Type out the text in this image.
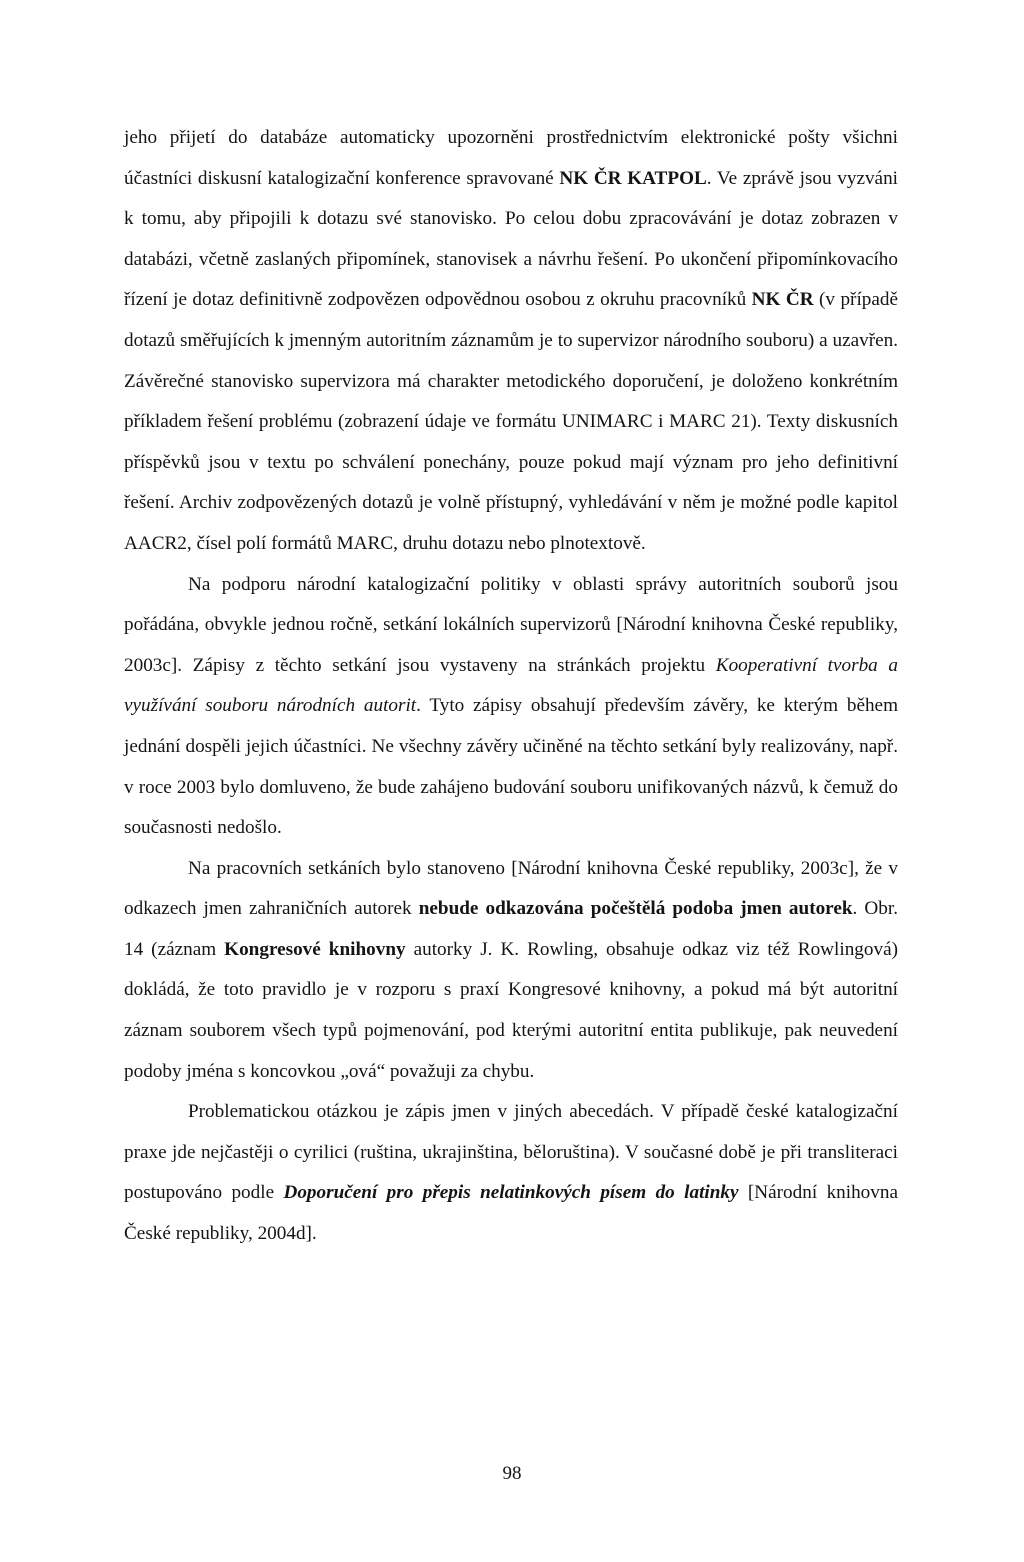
jeho přijetí do databáze automaticky upozorněni prostřednictvím elektronické pošty všichni účastníci diskusní katalogizační konference spravované NK ČR KATPOL. Ve zprávě jsou vyzváni k tomu, aby připojili k dotazu své stanovisko. Po celou dobu zpracovávání je dotaz zobrazen v databázi, včetně zaslaných připomínek, stanovisek a návrhu řešení. Po ukončení připomínkovacího řízení je dotaz definitivně zodpovězen odpovědnou osobou z okruhu pracovníků NK ČR (v případě dotazů směřujících k jmenným autoritním záznamům je to supervizor národního souboru) a uzavřen. Závěrečné stanovisko supervizora má charakter metodického doporučení, je doloženo konkrétním příkladem řešení problému (zobrazení údaje ve formátu UNIMARC i MARC 21). Texty diskusních příspěvků jsou v textu po schválení ponechány, pouze pokud mají význam pro jeho definitivní řešení. Archiv zodpovězených dotazů je volně přístupný, vyhledávání v něm je možné podle kapitol AACR2, čísel polí formátů MARC, druhu dotazu nebo plnotextově.

Na podporu národní katalogizační politiky v oblasti správy autoritních souborů jsou pořádána, obvykle jednou ročně, setkání lokálních supervizorů [Národní knihovna České republiky, 2003c]. Zápisy z těchto setkání jsou vystaveny na stránkách projektu Kooperativní tvorba a využívání souboru národních autorit. Tyto zápisy obsahují především závěry, ke kterým během jednání dospěli jejich účastníci. Ne všechny závěry učiněné na těchto setkání byly realizovány, např. v roce 2003 bylo domluveno, že bude zahájeno budování souboru unifikovaných názvů, k čemuž do současnosti nedošlo.

Na pracovních setkáních bylo stanoveno [Národní knihovna České republiky, 2003c], že v odkazech jmen zahraničních autorek nebude odkazována počeštělá podoba jmen autorek. Obr. 14 (záznam Kongresové knihovny autorky J. K. Rowling, obsahuje odkaz viz též Rowlingová) dokládá, že toto pravidlo je v rozporu s praxí Kongresové knihovny, a pokud má být autoritní záznam souborem všech typů pojmenování, pod kterými autoritní entita publikuje, pak neuvedení podoby jména s koncovkou „ová“ považuji za chybu.

Problematickou otázkou je zápis jmen v jiných abecedách. V případě české katalogizační praxe jde nejčastěji o cyrilici (ruština, ukrajinština, běloruština). V současné době je při transliteraci postupováno podle Doporučení pro přepis nelatinkových písem do latinky [Národní knihovna České republiky, 2004d].

98
